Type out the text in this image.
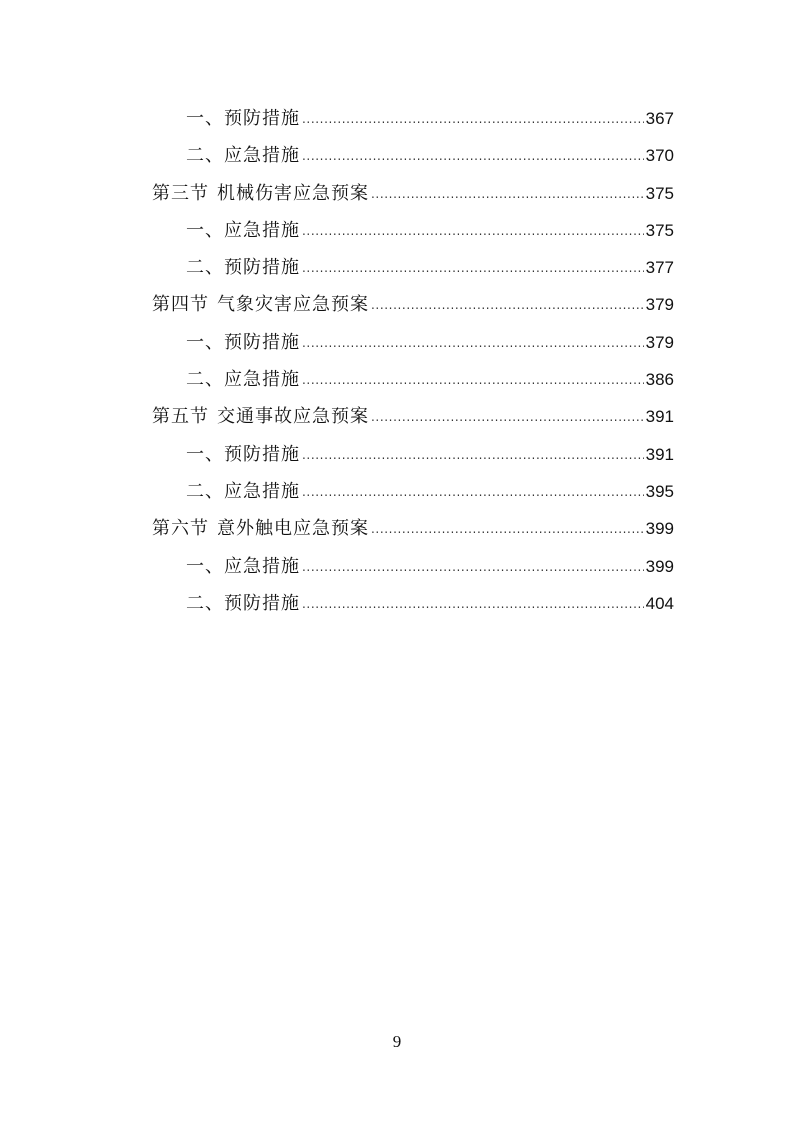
一、预防措施 .....	367
二、应急措施 .....	370
第三节 机械伤害应急预案 .....	375
一、应急措施 .....	375
二、预防措施 .....	377
第四节 气象灾害应急预案 .....	379
一、预防措施 .....	379
二、应急措施 .....	386
第五节 交通事故应急预案 .....	391
一、预防措施 .....	391
二、应急措施 .....	395
第六节 意外触电应急预案 .....	399
一、应急措施 .....	399
二、预防措施 .....	404
9
